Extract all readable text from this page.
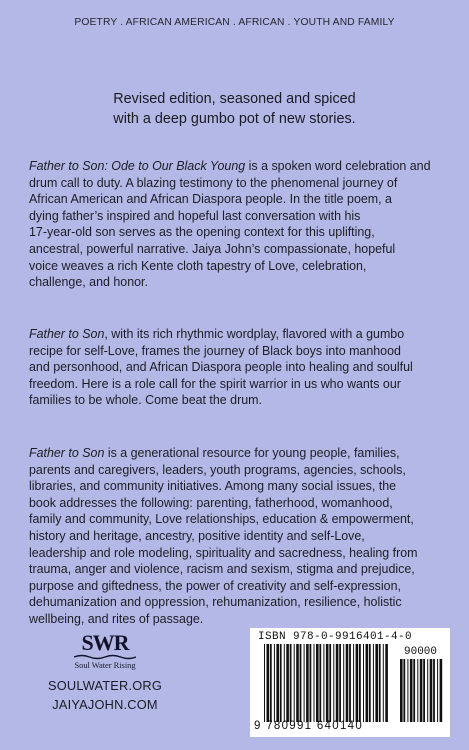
POETRY . AFRICAN AMERICAN . AFRICAN . YOUTH AND FAMILY
Revised edition, seasoned and spiced
with a deep gumbo pot of new stories.
Father to Son: Ode to Our Black Young is a spoken word celebration and
drum call to duty. A blazing testimony to the phenomenal journey of
African American and African Diaspora people. In the title poem, a
dying father’s inspired and hopeful last conversation with his
17-year-old son serves as the opening context for this uplifting,
ancestral, powerful narrative. Jaiya John’s compassionate, hopeful
voice weaves a rich Kente cloth tapestry of Love, celebration,
challenge, and honor.
Father to Son, with its rich rhythmic wordplay, flavored with a gumbo
recipe for self-Love, frames the journey of Black boys into manhood
and personhood, and African Diaspora people into healing and soulful
freedom. Here is a role call for the spirit warrior in us who wants our
families to be whole. Come beat the drum.
Father to Son is a generational resource for young people, families,
parents and caregivers, leaders, youth programs, agencies, schools,
libraries, and community initiatives. Among many social issues, the
book addresses the following: parenting, fatherhood, womanhood,
family and community, Love relationships, education & empowerment,
history and heritage, ancestry, positive identity and self-Love,
leadership and role modeling, spirituality and sacredness, healing from
trauma, anger and violence, racism and sexism, stigma and prejudice,
purpose and giftedness, the power of creativity and self-expression,
dehumanization and oppression, rehumanization, resilience, holistic
wellbeing, and rites of passage.
SWR
Soul Water Rising
SOULWATER.ORG
JAIYAJOHN.COM
ISBN 978-0-9916401-4-0
90000
9 780991 640140
